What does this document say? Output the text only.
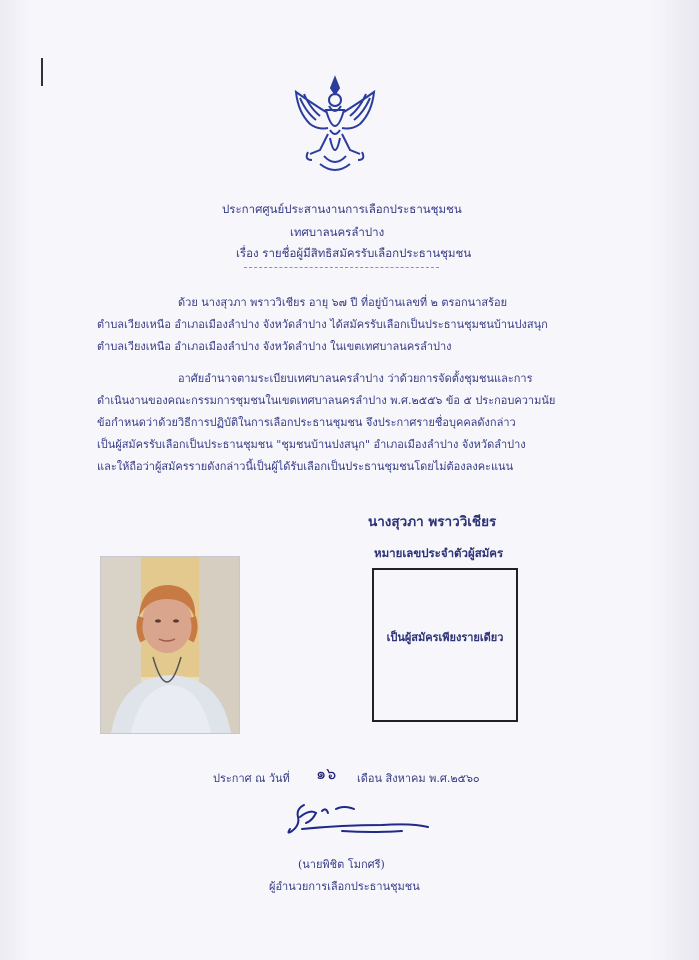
ประกาศศูนย์ประสานงานการเลือกประธานชุมชน
เทศบาลนครลำปาง
เรื่อง รายชื่อผู้มีสิทธิสมัครรับเลือกประธานชุมชน
ด้วย นางสุวภา พราววิเชียร อายุ ๖๗ ปี ที่อยู่บ้านเลขที่ ๒ ตรอกนาสร้อย
ตำบลเวียงเหนือ อำเภอเมืองลำปาง จังหวัดลำปาง ได้สมัครรับเลือกเป็นประธานชุมชนบ้านปงสนุก
ตำบลเวียงเหนือ อำเภอเมืองลำปาง จังหวัดลำปาง ในเขตเทศบาลนครลำปาง
อาศัยอำนาจตามระเบียบเทศบาลนครลำปาง ว่าด้วยการจัดตั้งชุมชนและการ
ดำเนินงานของคณะกรรมการชุมชนในเขตเทศบาลนครลำปาง พ.ศ.๒๕๕๖ ข้อ ๕ ประกอบความนัย
ข้อกำหนดว่าด้วยวิธีการปฏิบัติในการเลือกประธานชุมชน จึงประกาศรายชื่อบุคคลดังกล่าว
เป็นผู้สมัครรับเลือกเป็นประธานชุมชน "ชุมชนบ้านปงสนุก" อำเภอเมืองลำปาง จังหวัดลำปาง
และให้ถือว่าผู้สมัครรายดังกล่าวนี้เป็นผู้ได้รับเลือกเป็นประธานชุมชนโดยไม่ต้องลงคะแนน
นางสุวภา พราววิเชียร
หมายเลขประจำตัวผู้สมัคร
เป็นผู้สมัครเพียงรายเดียว
ประกาศ ณ วันที่ ๑๖ เดือน สิงหาคม พ.ศ.๒๕๖๐
(นายพิชิต โมกศรี)
ผู้อำนวยการเลือกประธานชุมชน
